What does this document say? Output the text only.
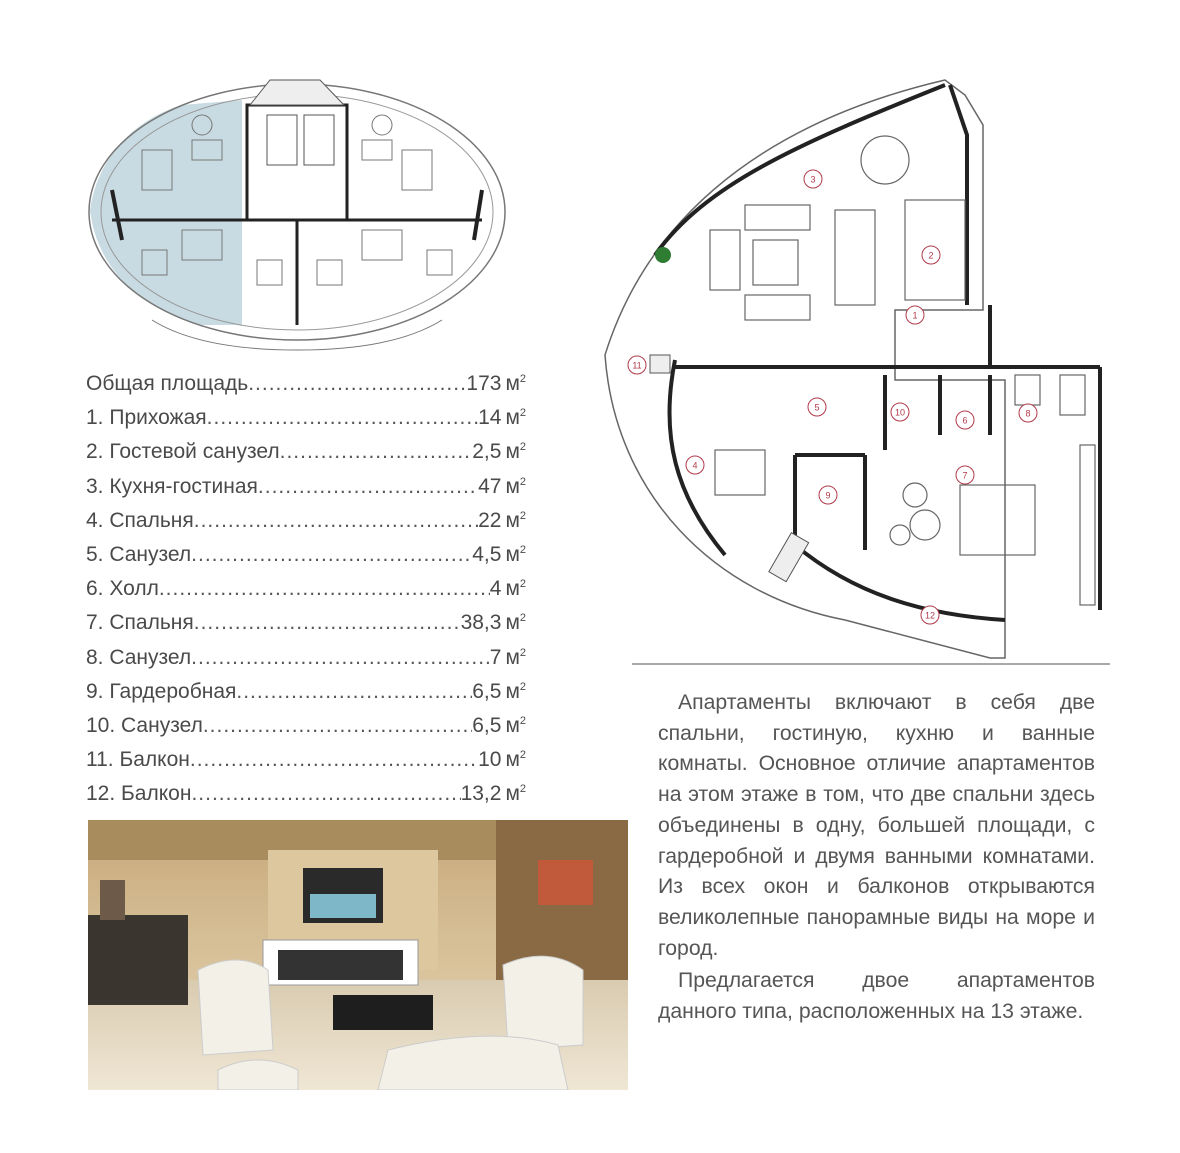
1
2
3
4
5
6
7
8
9
10
11
12
Общая площадь .....	173 $м^2$
1. Прихожая .....	14 $м^2$
2. Гостевой санузел .....	2,5 $м^2$
3. Кухня-гостиная .....	47 $м^2$
4. Спальня .....	22 $м^2$
5. Санузел .....	4,5 $м^2$
6. Холл .....	4 $м^2$
7. Спальня .....	38,3 $м^2$
8. Санузел .....	7 $м^2$
9. Гардеробная .....	6,5 $м^2$
10. Санузел .....	6,5 $м^2$
11. Балкон .....	10 $м^2$
12. Балкон .....	13,2 $м^2$

Апартаменты включают в себя две спальни, гостиную, кухню и ванные комнаты. Основное отличие апартаментов на этом этаже в том, что две спальни здесь объединены в одну, большей площади, с гардеробной и двумя ванными комнатами. Из всех окон и балконов открываются великолепные панорамные виды на море и город.

Предлагается двое апартаментов данного типа, расположенных на 13 этаже.
